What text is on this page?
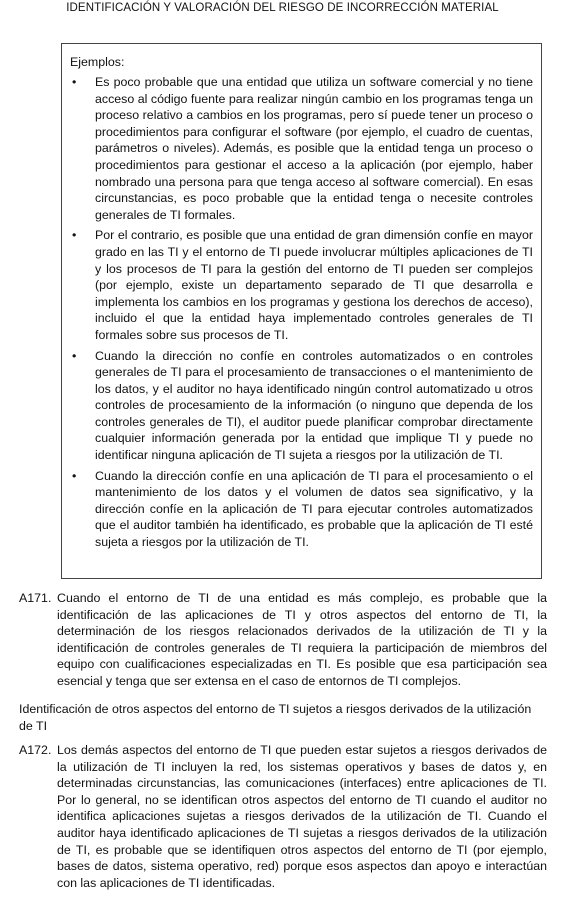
IDENTIFICACIÓN Y VALORACIÓN DEL RIESGO DE INCORRECCIÓN MATERIAL

Ejemplos:

• Es poco probable que una entidad que utiliza un software comercial y no tiene acceso al código fuente para realizar ningún cambio en los programas tenga un proceso relativo a cambios en los programas, pero sí puede tener un proceso o procedimientos para configurar el software (por ejemplo, el cuadro de cuentas, parámetros o niveles). Además, es posible que la entidad tenga un proceso o procedimientos para gestionar el acceso a la aplicación (por ejemplo, haber nombrado una persona para que tenga acceso al software comercial). En esas circunstancias, es poco probable que la entidad tenga o necesite controles generales de TI formales.
• Por el contrario, es posible que una entidad de gran dimensión confíe en mayor grado en las TI y el entorno de TI puede involucrar múltiples aplicaciones de TI y los procesos de TI para la gestión del entorno de TI pueden ser complejos (por ejemplo, existe un departamento separado de TI que desarrolla e implementa los cambios en los programas y gestiona los derechos de acceso), incluido el que la entidad haya implementado controles generales de TI formales sobre sus procesos de TI.
• Cuando la dirección no confíe en controles automatizados o en controles generales de TI para el procesamiento de transacciones o el mantenimiento de los datos, y el auditor no haya identificado ningún control automatizado u otros controles de procesamiento de la información (o ninguno que dependa de los controles generales de TI), el auditor puede planificar comprobar directamente cualquier información generada por la entidad que implique TI y puede no identificar ninguna aplicación de TI sujeta a riesgos por la utilización de TI.
• Cuando la dirección confíe en una aplicación de TI para el procesamiento o el mantenimiento de los datos y el volumen de datos sea significativo, y la dirección confíe en la aplicación de TI para ejecutar controles automatizados que el auditor también ha identificado, es probable que la aplicación de TI esté sujeta a riesgos por la utilización de TI.
A171. Cuando el entorno de TI de una entidad es más complejo, es probable que la identificación de las aplicaciones de TI y otros aspectos del entorno de TI, la determinación de los riesgos relacionados derivados de la utilización de TI y la identificación de controles generales de TI requiera la participación de miembros del equipo con cualificaciones especializadas en TI. Es posible que esa participación sea esencial y tenga que ser extensa en el caso de entornos de TI complejos.
Identificación de otros aspectos del entorno de TI sujetos a riesgos derivados de la utilización de TI
A172. Los demás aspectos del entorno de TI que pueden estar sujetos a riesgos derivados de la utilización de TI incluyen la red, los sistemas operativos y bases de datos y, en determinadas circunstancias, las comunicaciones (interfaces) entre aplicaciones de TI. Por lo general, no se identifican otros aspectos del entorno de TI cuando el auditor no identifica aplicaciones sujetas a riesgos derivados de la utilización de TI. Cuando el auditor haya identificado aplicaciones de TI sujetas a riesgos derivados de la utilización de TI, es probable que se identifiquen otros aspectos del entorno de TI (por ejemplo, bases de datos, sistema operativo, red) porque esos aspectos dan apoyo e interactúan con las aplicaciones de TI identificadas.
